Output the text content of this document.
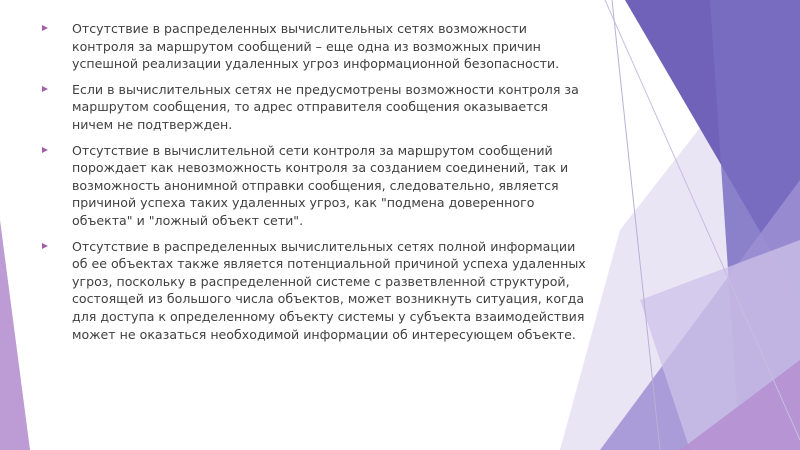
Отсутствие в распределенных вычислительных сетях возможности контроля за маршрутом сообщений – еще одна из возможных причин успешной реализации удаленных угроз информационной безопасности.
Если в вычислительных сетях не предусмотрены возможности контроля за маршрутом сообщения, то адрес отправителя сообщения оказывается ничем не подтвержден.
Отсутствие в вычислительной сети контроля за маршрутом сообщений порождает как невозможность контроля за созданием соединений, так и возможность анонимной отправки сообщения, следовательно, является причиной успеха таких удаленных угроз, как "подмена доверенного объекта" и "ложный объект сети".
Отсутствие в распределенных вычислительных сетях полной информации об ее объектах также является потенциальной причиной успеха удаленных угроз, поскольку в распределенной системе с разветвленной структурой, состоящей из большого числа объектов, может возникнуть ситуация, когда для доступа к определенному объекту системы у субъекта взаимодействия может не оказаться необходимой информации об интересующем объекте.
